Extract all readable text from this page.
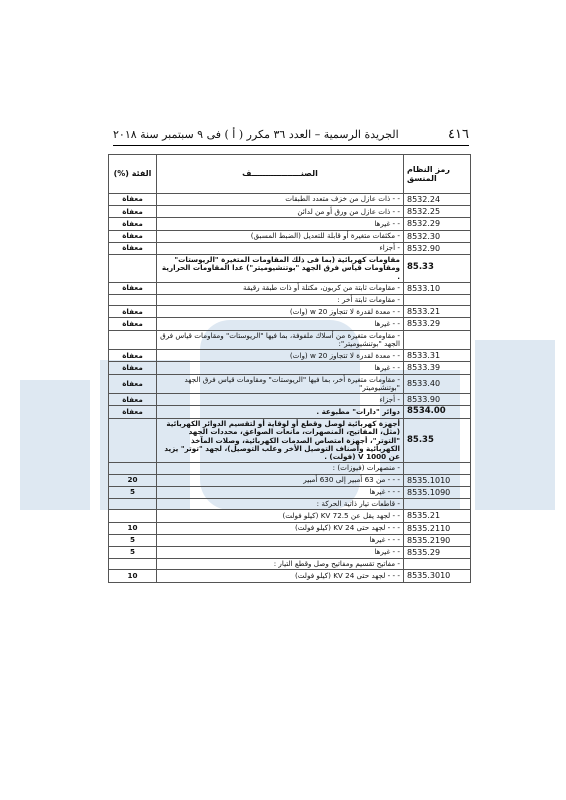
٤١٦
الجريدة الرسمية – العدد ٣٦ مكرر ( أ ) فى ٩ سبتمبر سنة ٢٠١٨
رمز النظام المنسق	الصنــــــــــــــــــف	الفئة (%)
8532.24	- - ذات عازل من خزف متعدد الطبقات	معفاة
8532.25	- - ذات عازل من ورق أو من لدائن	معفاة
8532.29	- - غيرها	معفاة
8532.30	- مكثفات متغيرة أو قابلة للتعديل (الضبط المسبق)	معفاة
8532.90	- أجزاء	معفاة
85.33	مقاومات كهربائية (بما فى ذلك المقاومات المتغيرة "الريوستات" ومقاومات قياس فرق الجهد "بوتنشيوميتر") عدا المقاومات الحرارية .	
8533.10	- مقاومات ثابتة من كربون، مكتلة أو ذات طبقة رقيقة	معفاة
	- مقاومات ثابتة أخر :	
8533.21	- - معدة لقدرة لا تتجاوز 20 w (وات)	معفاة
8533.29	- - غيرها	معفاة
	- مقاومات متغيرة من أسلاك ملفوفة، بما فيها "الريوستات" ومقاومات قياس فرق الجهد "بوتنشيوميتر":	
8533.31	- - معدة لقدرة لا تتجاوز 20 w (وات)	معفاة
8533.39	- - غيرها	معفاة
8533.40	- مقاومات متغيرة أخر، بما فيها "الريوستات" ومقاومات قياس فرق الجهد "بوتنشيوميتر"	معفاة
8533.90	- أجزاء	معفاة
8534.00	دوائر "دارات" مطبوعة .	معفاة
85.35	أجهزة كهربائية لوصل وقطع أو لوقاية أو لتقسيم الدوائر الكهربائية (مثل، المفاتيح، المنصهرات، مانعات الصواعق، محددات الجهد "التوتر"، أجهزة امتصاص الصدمات الكهربائية، وصلات المآخذ الكهربائية وأصناف التوصيل الأخر وعلب التوصيل)، لجهد "توتر" يزيد عن V 1000 (فولت) .	
	- منصهرات (فيوزات) :	
8535.1010	- - - من 63 أمبير إلى 630 أمبير	20
8535.1090	- - - غيرها	5
	- قاطعات تيار ذاتية الحركة :	
8535.21	- - لجهد يقل عن KV 72.5 (كيلو فولت)	
8535.2110	- - - لجهد حتى KV 24 (كيلو فولت)	10
8535.2190	- - - غيرها	5
8535.29	- - غيرها	5
	- مفاتيح تقسيم ومفاتيح وصل وقطع التيار :	
8535.3010	- - - لجهد حتى KV 24 (كيلو فولت)	10
